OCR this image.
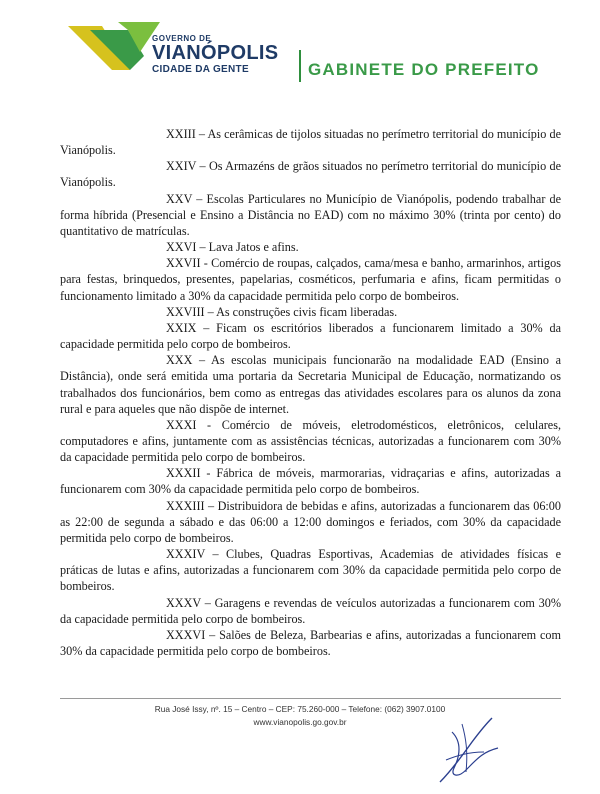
GOVERNO DE
VIANÓPOLIS
CIDADE DA GENTE	GABINETE DO PREFEITO

XXIII – As cerâmicas de tijolos situadas no perímetro territorial do município de Vianópolis.

XXIV – Os Armazéns de grãos situados no perímetro territorial do município de Vianópolis.

XXV – Escolas Particulares no Município de Vianópolis, podendo trabalhar de forma híbrida (Presencial e Ensino a Distância no EAD) com no máximo 30% (trinta por cento) do quantitativo de matrículas.

XXVI – Lava Jatos e afins.

XXVII - Comércio de roupas, calçados, cama/mesa e banho, armarinhos, artigos para festas, brinquedos, presentes, papelarias, cosméticos, perfumaria e afins, ficam permitidas o funcionamento limitado a 30% da capacidade permitida pelo corpo de bombeiros.

XXVIII – As construções civis ficam liberadas.

XXIX – Ficam os escritórios liberados a funcionarem limitado a 30% da capacidade permitida pelo corpo de bombeiros.

XXX – As escolas municipais funcionarão na modalidade EAD (Ensino a Distância), onde será emitida uma portaria da Secretaria Municipal de Educação, normatizando os trabalhados dos funcionários, bem como as entregas das atividades escolares para os alunos da zona rural e para aqueles que não dispõe de internet.

XXXI - Comércio de móveis, eletrodomésticos, eletrônicos, celulares, computadores e afins, juntamente com as assistências técnicas, autorizadas a funcionarem com 30% da capacidade permitida pelo corpo de bombeiros.

XXXII - Fábrica de móveis, marmorarias, vidraçarias e afins, autorizadas a funcionarem com 30% da capacidade permitida pelo corpo de bombeiros.

XXXIII – Distribuidora de bebidas e afins, autorizadas a funcionarem das 06:00 as 22:00 de segunda a sábado e das 06:00 a 12:00 domingos e feriados, com 30% da capacidade permitida pelo corpo de bombeiros.

XXXIV – Clubes, Quadras Esportivas, Academias de atividades físicas e práticas de lutas e afins, autorizadas a funcionarem com 30% da capacidade permitida pelo corpo de bombeiros.

XXXV – Garagens e revendas de veículos autorizadas a funcionarem com 30% da capacidade permitida pelo corpo de bombeiros.

XXXVI – Salões de Beleza, Barbearias e afins, autorizadas a funcionarem com 30% da capacidade permitida pelo corpo de bombeiros.

Rua José Issy, nº. 15 – Centro – CEP: 75.260-000 – Telefone: (062) 3907.0100
www.vianopolis.go.gov.br
